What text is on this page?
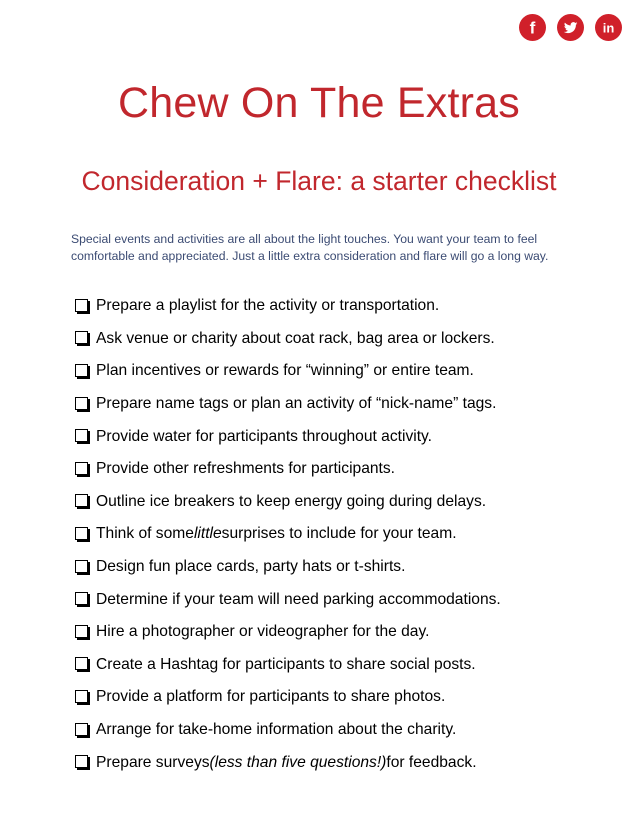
f	in
Chew On The Extras
Consideration + Flare: a starter checklist

Special events and activities are all about the light touches. You want your team to feel comfortable and appreciated. Just a little extra consideration and flare will go a long way.

Prepare a playlist for the activity or transportation.
Ask venue or charity about coat rack, bag area or lockers.
Plan incentives or rewards for “winning” or entire team.
Prepare name tags or plan an activity of “nick-name” tags.
Provide water for participants throughout activity.
Provide other refreshments for participants.
Outline ice breakers to keep energy going during delays.
Think of some little surprises to include for your team.
Design fun place cards, party hats or t-shirts.
Determine if your team will need parking accommodations.
Hire a photographer or videographer for the day.
Create a Hashtag for participants to share social posts.
Provide a platform for participants to share photos.
Arrange for take-home information about the charity.
Prepare surveys (less than five questions!) for feedback.
